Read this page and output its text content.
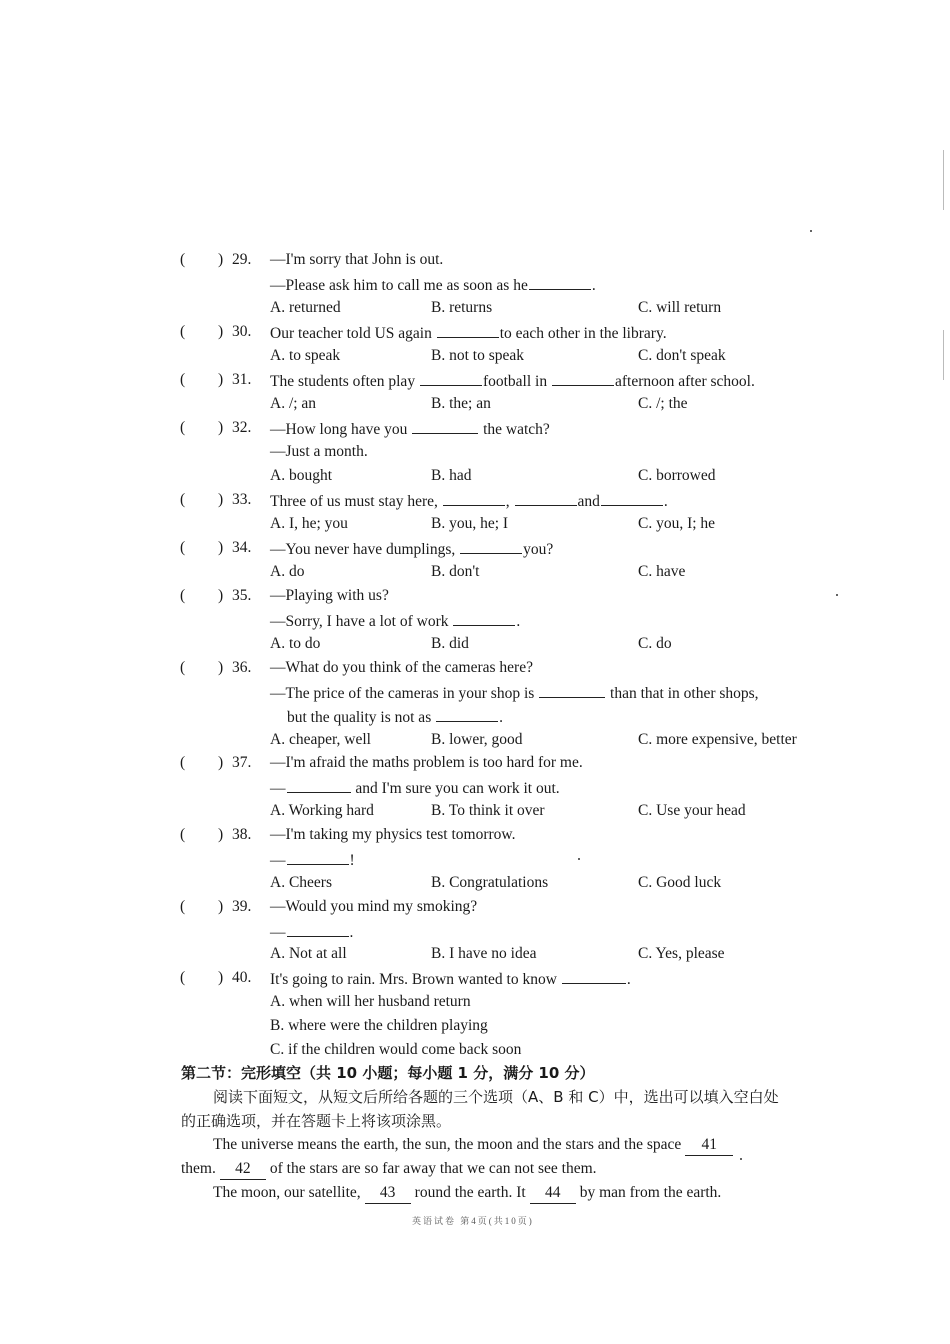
( ) 29. —I'm sorry that John is out.
—Please ask him to call me as soon as he	.
A. returned	B. returns	C. will return
( ) 30. Our teacher told US again	to each other in the library.
A. to speak	B. not to speak	C. don't speak
( ) 31. The students often play	football in	afternoon after school.
A. /; an	B. the; an	C. /; the
( ) 32. —How long have you	the watch?
—Just a month.
A. bought	B. had	C. borrowed
( ) 33. Three of us must stay here,	,	and	.
A. I, he; you	B. you, he; I	C. you, I; he
( ) 34. —You never have dumplings,	you?
A. do	B. don't	C. have
( ) 35. —Playing with us?
—Sorry, I have a lot of work	.
A. to do	B. did	C. do
( ) 36. —What do you think of the cameras here?
—The price of the cameras in your shop is	than that in other shops,
but the quality is not as	.
A. cheaper, well	B. lower, good	C. more expensive, better
( ) 37. —I'm afraid the maths problem is too hard for me.
—	and I'm sure you can work it out.
A. Working hard	B. To think it over	C. Use your head
( ) 38. —I'm taking my physics test tomorrow.
—	!
A. Cheers	B. Congratulations	C. Good luck
( ) 39. —Would you mind my smoking?
—	.
A. Not at all	B. I have no idea	C. Yes, please
( ) 40. It's going to rain. Mrs. Brown wanted to know	.
A. when will her husband return
B. where were the children playing
C. if the children would come back soon
第二节：完形填空（共 10 小题；每小题 1 分，满分 10 分）
阅读下面短文，从短文后所给各题的三个选项（A、B 和 C）中，选出可以填入空白处
的正确选项，并在答题卡上将该项涂黑。
The universe means the earth, the sun, the moon and the stars and the space 41
them. 42 of the stars are so far away that we can not see them.
The moon, our satellite, 43 round the earth. It 44 by man from the earth.
英语试卷 第4页(共10页)
